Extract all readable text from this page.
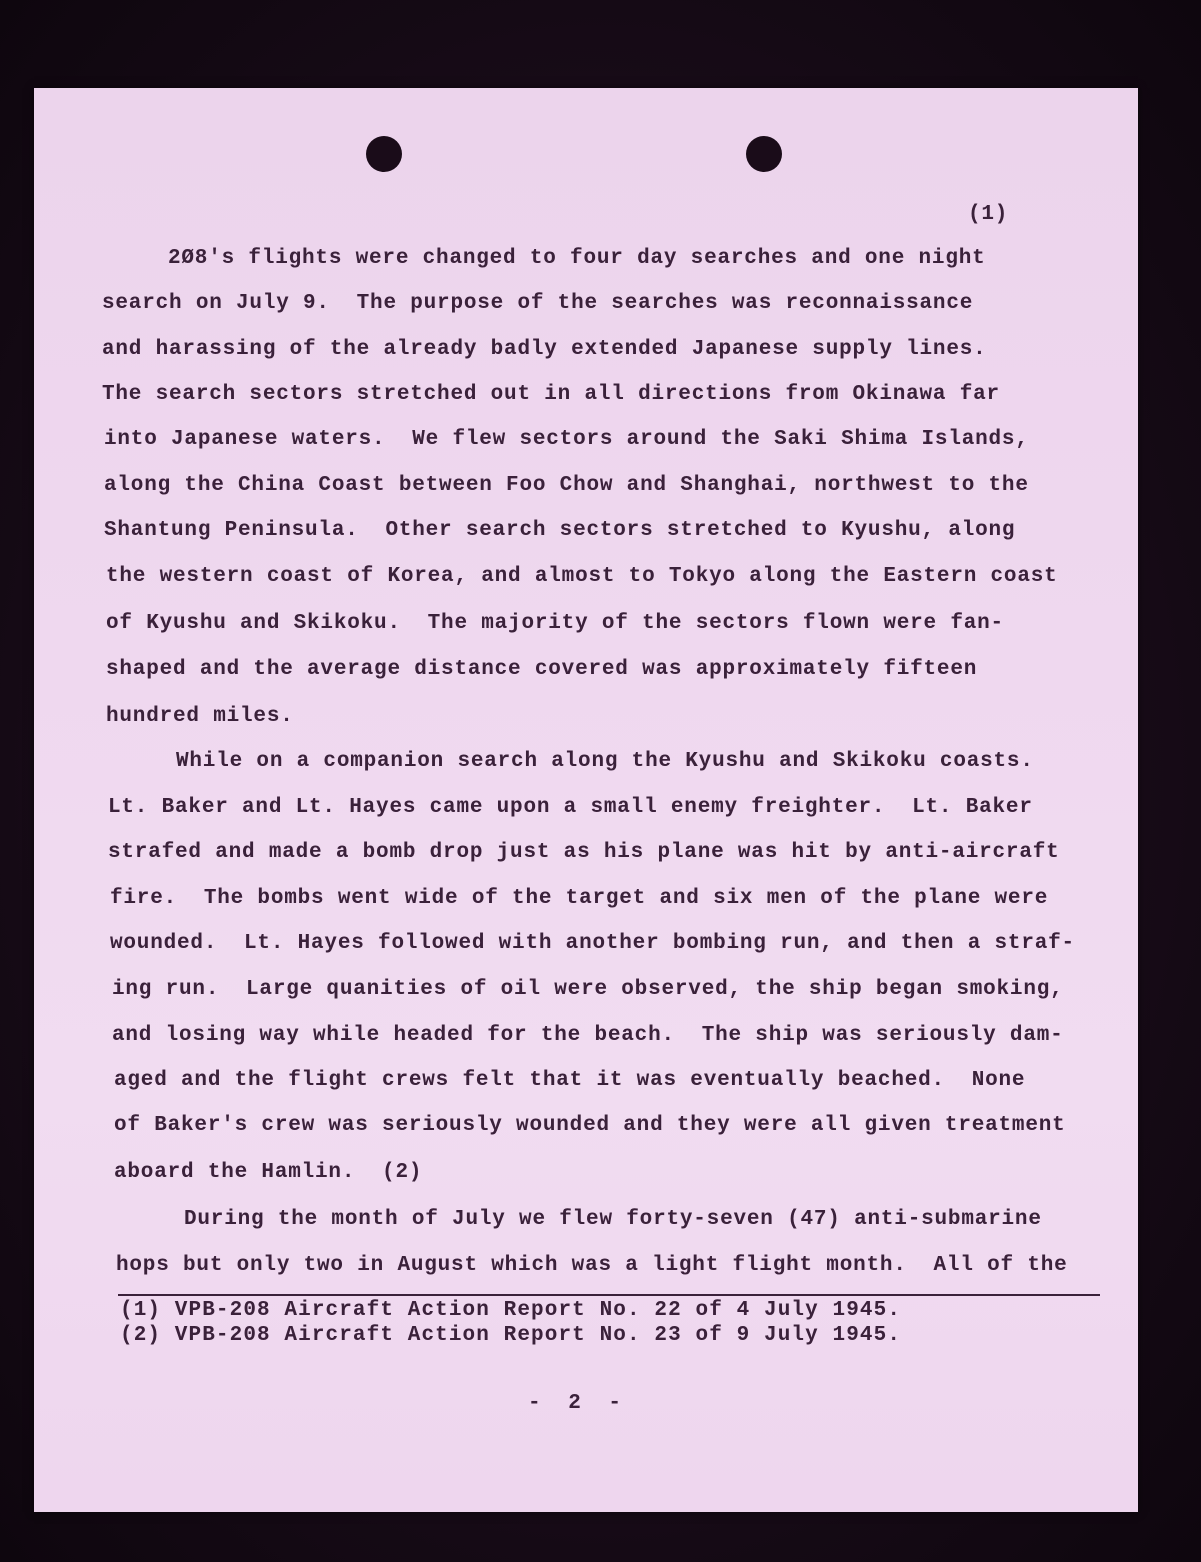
(1)
2Ø8's flights were changed to four day searches and one night
search on July 9.  The purpose of the searches was reconnaissance
and harassing of the already badly extended Japanese supply lines.
The search sectors stretched out in all directions from Okinawa far
into Japanese waters.  We flew sectors around the Saki Shima Islands,
along the China Coast between Foo Chow and Shanghai, northwest to the
Shantung Peninsula.  Other search sectors stretched to Kyushu, along
the western coast of Korea, and almost to Tokyo along the Eastern coast
of Kyushu and Skikoku.  The majority of the sectors flown were fan-
shaped and the average distance covered was approximately fifteen
hundred miles.
While on a companion search along the Kyushu and Skikoku coasts.
Lt. Baker and Lt. Hayes came upon a small enemy freighter.  Lt. Baker
strafed and made a bomb drop just as his plane was hit by anti-aircraft
fire.  The bombs went wide of the target and six men of the plane were
wounded.  Lt. Hayes followed with another bombing run, and then a straf-
ing run.  Large quanities of oil were observed, the ship began smoking,
and losing way while headed for the beach.  The ship was seriously dam-
aged and the flight crews felt that it was eventually beached.  None
of Baker's crew was seriously wounded and they were all given treatment
aboard the Hamlin.  (2)
During the month of July we flew forty-seven (47) anti-submarine
hops but only two in August which was a light flight month.  All of the
(1) VPB-208 Aircraft Action Report No. 22 of 4 July 1945.
(2) VPB-208 Aircraft Action Report No. 23 of 9 July 1945.
-  2  -
